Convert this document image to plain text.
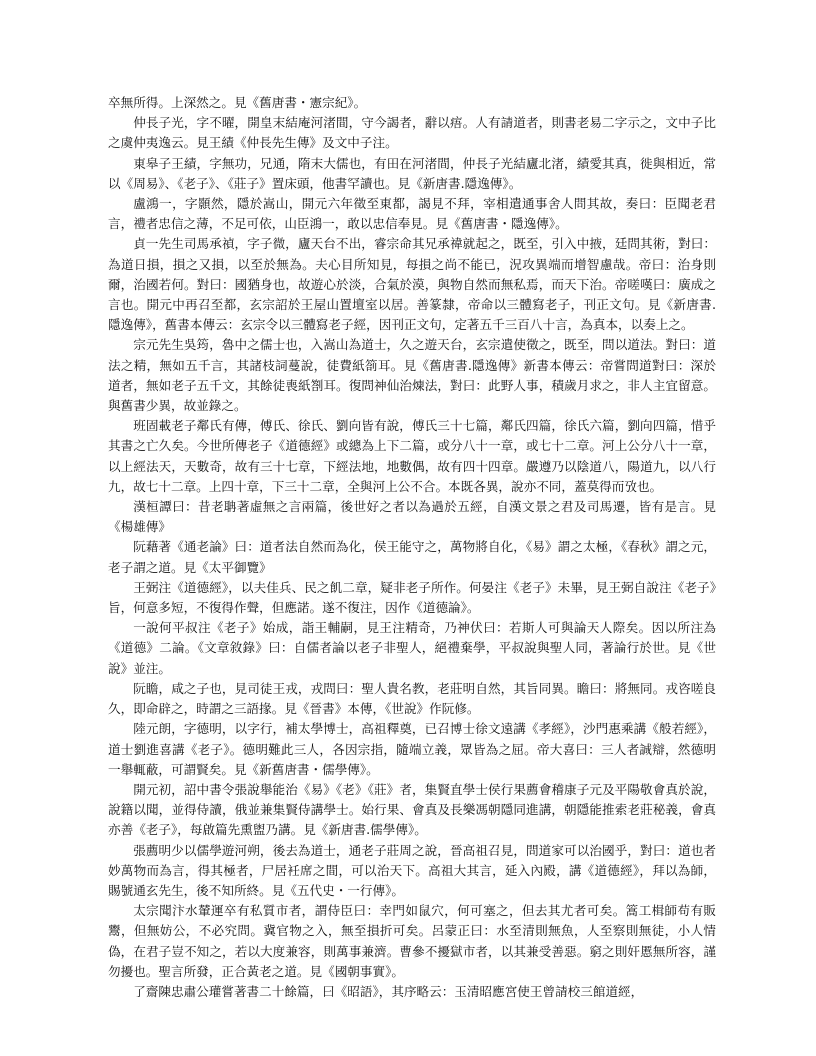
卒無所得。上深然之。見《舊唐書・憲宗紀》。

仲長子光，字不曜，開皇末結庵河渚間，守今謁者，辭以痦。人有請道者，則書老易二字示之，文中子比之虞仲夷逸云。見王績《仲長先生傳》及文中子注。

東皋子王績，字無功，兄通，隋末大儒也，有田在河渚間，仲長子光結廬北渚，績愛其真，徙與相近，常以《周易》、《老子》、《莊子》置床頭，他書罕讀也。見《新唐書.隱逸傳》。

盧鴻一，字顥然，隱於嵩山，開元六年徵至東都，謁見不拜，宰相遣通事舍人問其故，奏曰：臣聞老君言，禮者忠信之薄，不足可依，山臣鴻一，敢以忠信奉見。見《舊唐書・隱逸傳》。

貞一先生司馬承禎，字子微，廬天台不出，睿宗命其兄承禕就起之，既至，引入中掖，廷問其術，對曰：為道日損，損之又損，以至於無為。夫心目所知見，每損之尚不能已，況攻異端而增智慮哉。帝曰：治身則爾，治國若何。對曰：國猶身也，故遊心於淡，合氣於漠，與物自然而無私焉，而天下治。帝嗟嘆曰：廣成之言也。開元中再召至都，玄宗詔於王屋山置壇室以居。善篆隸，帝命以三體寫老子，刊正文句。見《新唐書.隱逸傳》，舊書本傳云：玄宗令以三體寫老子經，因刊正文句，定著五千三百八十言，為真本，以奏上之。

宗元先生吳筠，魯中之儒士也，入嵩山為道士，久之遊天台，玄宗遣使徵之，既至，問以道法。對曰：道法之精，無如五千言，其諸枝詞蔓說，徒費紙箚耳。見《舊唐書.隱逸傳》新書本傳云：帝嘗問道對曰：深於道者，無如老子五千文，其餘徒喪紙劄耳。復問神仙治煉法，對曰：此野人事，積歲月求之，非人主宜留意。與舊書少異，故並錄之。

班固載老子鄰氏有傳，傅氏、徐氏、劉向皆有說，傅氏三十七篇，鄰氏四篇，徐氏六篇，劉向四篇，惜乎其書之亡久矣。今世所傳老子《道德經》或總為上下二篇，或分八十一章，或七十二章。河上公分八十一章，以上經法天，天數奇，故有三十七章，下經法地，地數偶，故有四十四章。嚴遵乃以陰道八，陽道九，以八行九，故七十二章。上四十章，下三十二章，全與河上公不合。本既各異，說亦不同，蓋莫得而攷也。

漢桓譚曰：昔老聃著虛無之言兩篇，後世好之者以為過於五經，自漢文景之君及司馬遷，皆有是言。見《楊雄傳》

阮藉著《通老論》曰：道者法自然而為化，侯王能守之，萬物將自化，《易》謂之太極，《春秋》謂之元，老子謂之道。見《太平御覽》

王弼注《道德經》，以夫佳兵、民之飢二章，疑非老子所作。何晏注《老子》未畢，見王弼自說注《老子》旨，何意多短，不復得作聲，但應諾。遂不復注，因作《道德論》。

一說何平叔注《老子》始成，詣王輔嗣，見王注精奇，乃神伏曰：若斯人可與論天人際矣。因以所注為《道德》二論。《文章敘錄》曰：自儒者論以老子非聖人，絕禮棄學，平叔說與聖人同，著論行於世。見《世說》並注。

阮瞻，咸之子也，見司徒王戎，戎問曰：聖人貴名教，老莊明自然，其旨同異。瞻曰：將無同。戎咨嗟良久，即命辟之，時謂之三語掾。見《晉書》本傳，《世說》作阮修。

陸元朗，字德明，以字行，補太學博士，高祖釋奠，已召博士徐文遠講《孝經》，沙門惠乘講《般若經》，道士劉進喜講《老子》。德明難此三人，各因宗指，隨端立義，眾皆為之屈。帝大喜曰：三人者誠辯，然德明一舉輒蔽，可謂賢矣。見《新舊唐書・儒學傳》。

開元初，詔中書令張說舉能治《易》《老》《莊》者，集賢直學士侯行果薦會稽康子元及平陽敬會真於說，說籍以聞，並得侍讀，俄並兼集賢侍講學士。始行果、會真及長樂馮朝隱同進講，朝隱能推索老莊秘義，會真亦善《老子》，每啟篇先熏盥乃講。見《新唐書.儒學傳》。

張薦明少以儒學遊河朔，後去為道士，通老子莊周之說，晉高祖召見，問道家可以治國乎，對曰：道也者妙萬物而為言，得其極者，尸居衽席之間，可以治天下。高祖大其言，延入內殿，講《道德經》，拜以為師，賜號通玄先生，後不知所終。見《五代史・一行傳》。

太宗聞汴水輦運卒有私質市者，謂侍臣曰：幸門如鼠穴，何可塞之，但去其尤者可矣。篙工楫師苟有販鬻，但無妨公，不必究問。冀官物之入，無至損折可矣。呂蒙正曰：水至清則無魚，人至察則無徒，小人情偽，在君子豈不知之，若以大度兼容，則萬事兼濟。曹參不擾獄市者，以其兼受善惡。窮之則奸慝無所容，謹勿擾也。聖言所發，正合黃老之道。見《國朝事實》。

了齋陳忠肅公瓘嘗著書二十餘篇，曰《昭語》，其序略云：玉清昭應宮使王曾請校三館道經，
